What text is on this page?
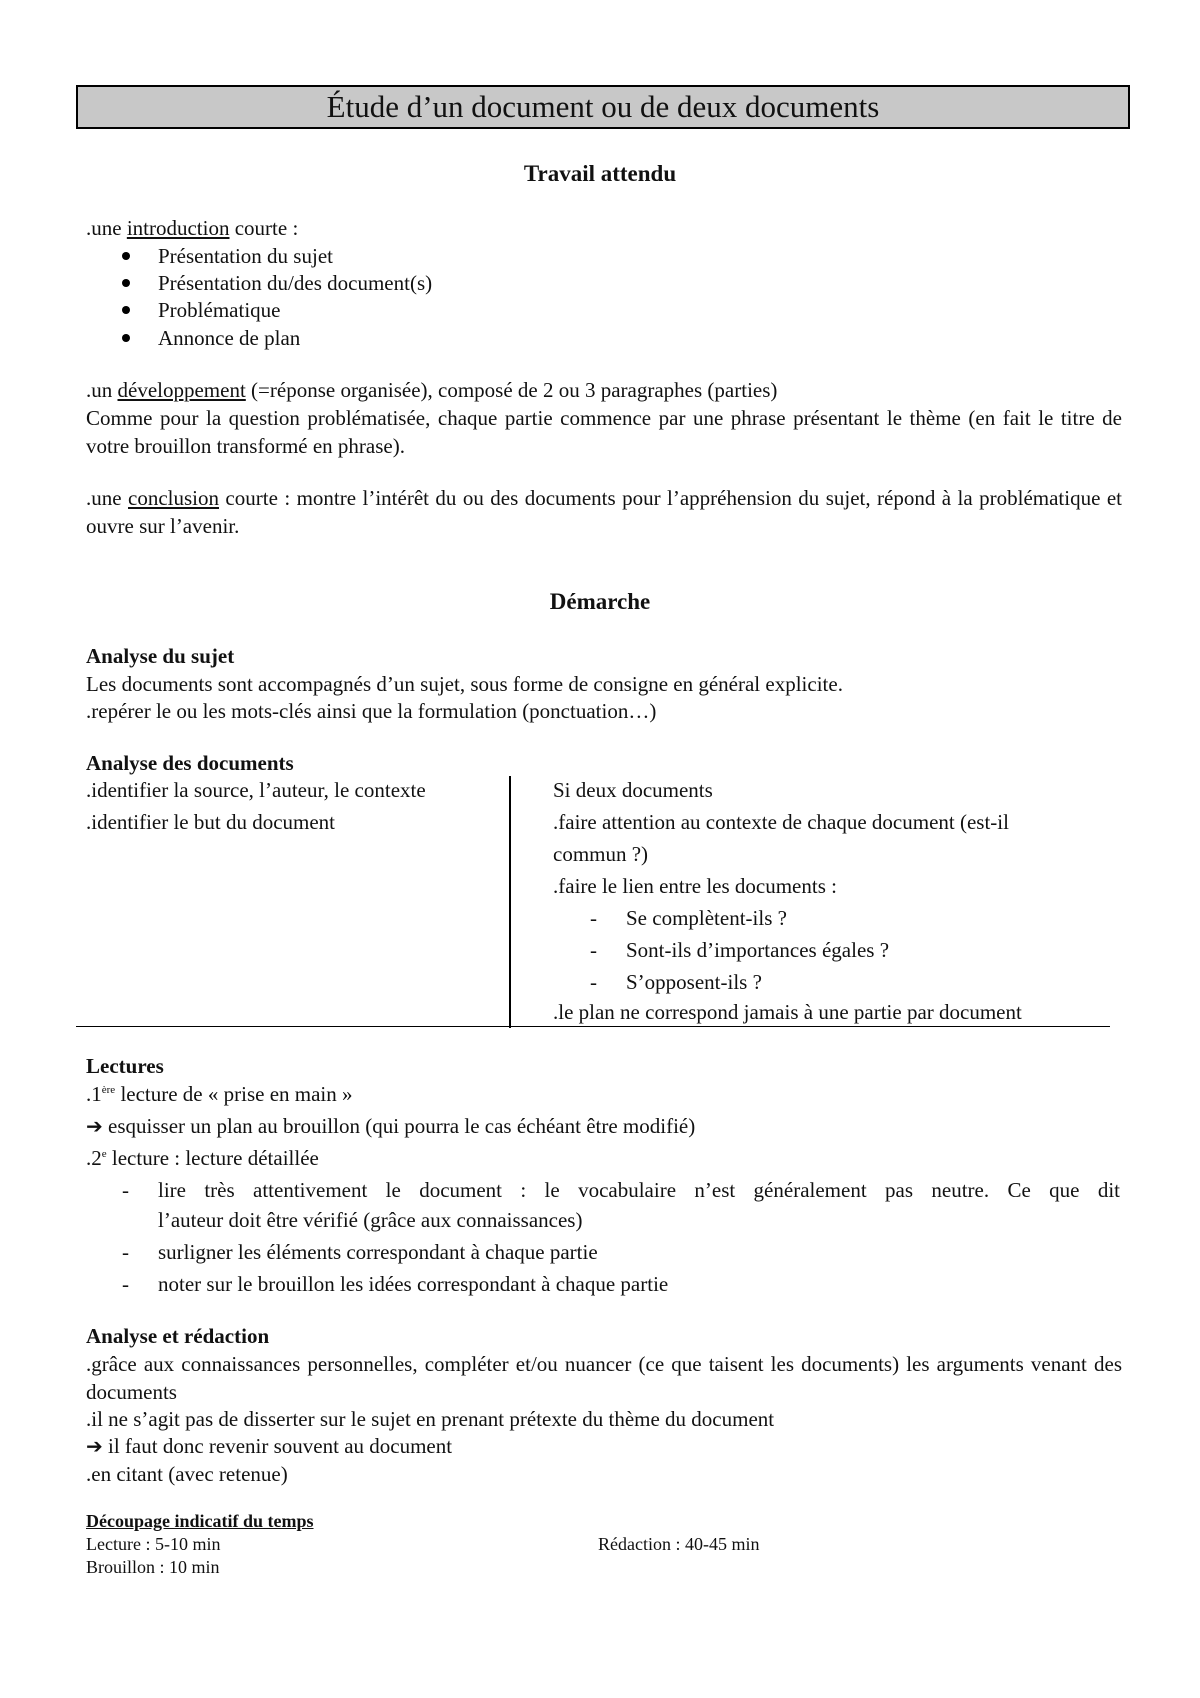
Étude d’un document ou de deux documents
Travail attendu
.une introduction courte :
Présentation du sujet
Présentation du/des document(s)
Problématique
Annonce de plan
.un développement (=réponse organisée), composé de 2 ou 3 paragraphes (parties)
Comme pour la question problématisée, chaque partie commence par une phrase présentant le thème (en fait le titre de votre brouillon transformé en phrase).
.une conclusion courte : montre l’intérêt du ou des documents pour l’appréhension du sujet, répond à la problématique et ouvre sur l’avenir.
Démarche
Analyse du sujet
Les documents sont accompagnés d’un sujet, sous forme de consigne en général explicite.
.repérer le ou les mots-clés ainsi que la formulation (ponctuation…)
Analyse des documents
.identifier la source, l’auteur, le contexte
.identifier le but du document
Si deux documents
.faire attention au contexte de chaque document (est-il
commun ?)
.faire le lien entre les documents :
- Se complètent-ils ?
- Sont-ils d’importances égales ?
- S’opposent-ils ?
.le plan ne correspond jamais à une partie par document
Lectures
.1ère lecture de « prise en main »
➔ esquisser un plan au brouillon (qui pourra le cas échéant être modifié)
.2e lecture : lecture détaillée
- lire très attentivement le document : le vocabulaire n’est généralement pas neutre. Ce que dit
l’auteur doit être vérifié (grâce aux connaissances)
- surligner les éléments correspondant à chaque partie
- noter sur le brouillon les idées correspondant à chaque partie
Analyse et rédaction
.grâce aux connaissances personnelles, compléter et/ou nuancer (ce que taisent les documents) les arguments venant des documents
.il ne s’agit pas de disserter sur le sujet en prenant prétexte du thème du document
➔ il faut donc revenir souvent au document
.en citant (avec retenue)
Découpage indicatif du temps
Lecture : 5-10 min	Rédaction : 40-45 min
Brouillon : 10 min
